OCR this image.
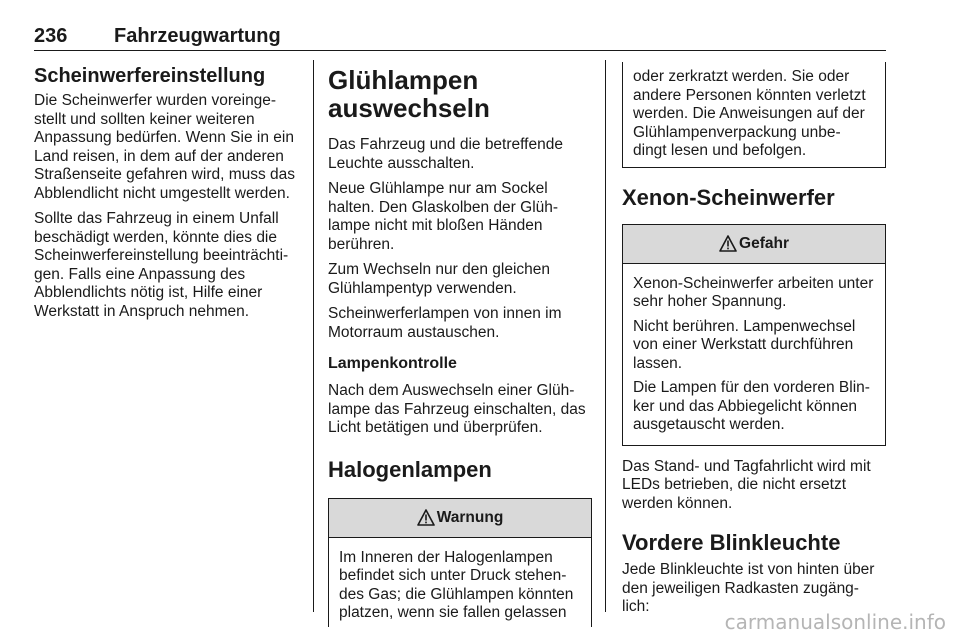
236 Fahrzeugwartung
Scheinwerfereinstellung

Die Scheinwerfer wurden voreinge- stellt und sollten keiner weiteren Anpassung bedürfen. Wenn Sie in ein Land reisen, in dem auf der anderen Straßenseite gefahren wird, muss das Abblendlicht nicht umgestellt werden.

Sollte das Fahrzeug in einem Unfall beschädigt werden, könnte dies die Scheinwerfereinstellung beeinträchti- gen. Falls eine Anpassung des Abblendlichts nötig ist, Hilfe einer Werkstatt in Anspruch nehmen.

Glühlampen auswechseln

Das Fahrzeug und die betreffende Leuchte ausschalten.

Neue Glühlampe nur am Sockel halten. Den Glaskolben der Glüh- lampe nicht mit bloßen Händen berühren.

Zum Wechseln nur den gleichen Glühlampentyp verwenden.

Scheinwerferlampen von innen im Motorraum austauschen.

Lampenkontrolle

Nach dem Auswechseln einer Glüh- lampe das Fahrzeug einschalten, das Licht betätigen und überprüfen.

Halogenlampen
Warnung

Im Inneren der Halogenlampen befindet sich unter Druck stehen- des Gas; die Glühlampen könnten platzen, wenn sie fallen gelassen

oder zerkratzt werden. Sie oder andere Personen könnten verletzt werden. Die Anweisungen auf der Glühlampenverpackung unbe- dingt lesen und befolgen.

Xenon-Scheinwerfer
Gefahr

Xenon-Scheinwerfer arbeiten unter sehr hoher Spannung.

Nicht berühren. Lampenwechsel von einer Werkstatt durchführen lassen.

Die Lampen für den vorderen Blin- ker und das Abbiegelicht können ausgetauscht werden.

Das Stand- und Tagfahrlicht wird mit LEDs betrieben, die nicht ersetzt werden können.

Vordere Blinkleuchte

Jede Blinkleuchte ist von hinten über den jeweiligen Radkasten zugäng- lich:

carmanualsonline.info
